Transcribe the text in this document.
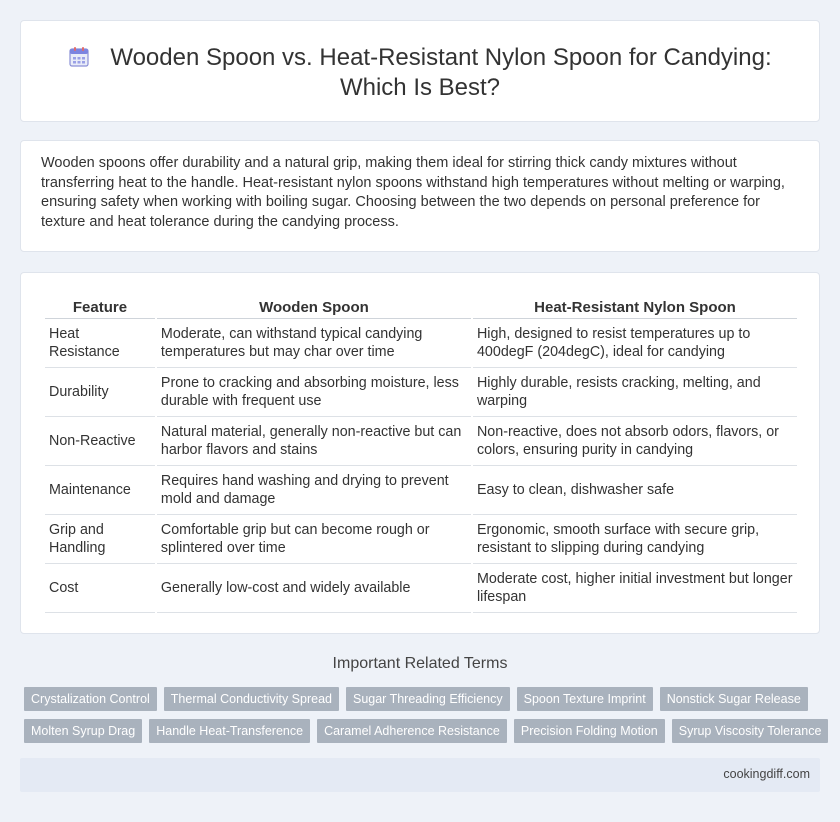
Wooden Spoon vs. Heat-Resistant Nylon Spoon for Candying: Which Is Best?

Wooden spoons offer durability and a natural grip, making them ideal for stirring thick candy mixtures without transferring heat to the handle. Heat-resistant nylon spoons withstand high temperatures without melting or warping, ensuring safety when working with boiling sugar. Choosing between the two depends on personal preference for texture and heat tolerance during the candying process.

Feature	Wooden Spoon	Heat-Resistant Nylon Spoon
Heat Resistance	Moderate, can withstand typical candying temperatures but may char over time	High, designed to resist temperatures up to 400degF (204degC), ideal for candying
Durability	Prone to cracking and absorbing moisture, less durable with frequent use	Highly durable, resists cracking, melting, and warping
Non-Reactive	Natural material, generally non-reactive but can harbor flavors and stains	Non-reactive, does not absorb odors, flavors, or colors, ensuring purity in candying
Maintenance	Requires hand washing and drying to prevent mold and damage	Easy to clean, dishwasher safe
Grip and Handling	Comfortable grip but can become rough or splintered over time	Ergonomic, smooth surface with secure grip, resistant to slipping during candying
Cost	Generally low-cost and widely available	Moderate cost, higher initial investment but longer lifespan
Important Related Terms
Crystalization Control Thermal Conductivity Spread Sugar Threading Efficiency Spoon Texture Imprint Nonstick Sugar Release
Molten Syrup Drag Handle Heat-Transference Caramel Adherence Resistance Precision Folding Motion Syrup Viscosity Tolerance
cookingdiff.com
